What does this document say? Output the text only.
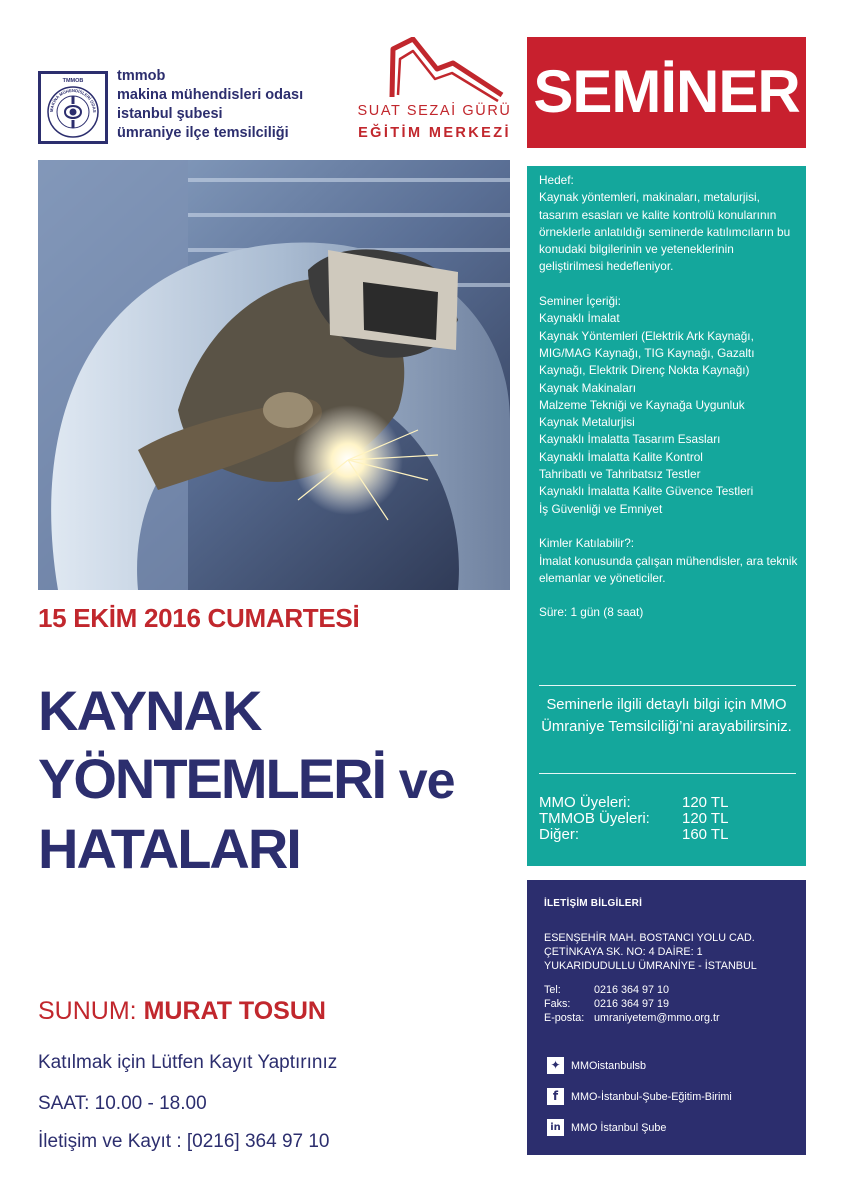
TMMOB
MAKİNA MÜHENDİSLERİ ODAS
tmmob
makina mühendisleri odası
istanbul şubesi
ümraniye ilçe temsilciliği
SUAT SEZAİ GÜRÜ
EĞİTİM MERKEZİ
SEMİNER

Hedef:

Kaynak yöntemleri, makinaları, metalurjisi, tasarım esasları ve kalite kontrolü konularının örneklerle anlatıldığı seminerde katılımcıların bu konudaki bilgilerinin ve yeteneklerinin geliştirilmesi hedefleniyor.

Seminer İçeriği:

Kaynaklı İmalat

Kaynak Yöntemleri (Elektrik Ark Kaynağı, MIG/MAG Kaynağı, TIG Kaynağı, Gazaltı Kaynağı, Elektrik Direnç Nokta Kaynağı)

Kaynak Makinaları

Malzeme Tekniği ve Kaynağa Uygunluk

Kaynak Metalurjisi

Kaynaklı İmalatta Tasarım Esasları

Kaynaklı İmalatta Kalite Kontrol

Tahribatlı ve Tahribatsız Testler

Kaynaklı İmalatta Kalite Güvence Testleri

İş Güvenliği ve Emniyet

Kimler Katılabilir?:

İmalat konusunda çalışan mühendisler, ara teknik elemanlar ve yöneticiler.

Süre: 1 gün (8 saat)

Seminerle ilgili detaylı bilgi için MMO Ümraniye Temsilciliği’ni arayabilirsiniz.
MMO Üyeleri:	120 TL
TMMOB Üyeleri: 120 TL
Diğer:	160 TL
15 EKİM 2016 CUMARTESİ
KAYNAK
YÖNTEMLERİ ve
HATALARI
SUNUM: MURAT TOSUN
Katılmak için Lütfen Kayıt Yaptırınız
SAAT: 10.00 - 18.00
İletişim ve Kayıt : [0216] 364 97 10
İLETİŞİM BİLGİLERİ
ESENŞEHİR MAH. BOSTANCI YOLU CAD.
ÇETİNKAYA SK. NO: 4 DAİRE: 1
YUKARIDUDULLU ÜMRANİYE - İSTANBUL
Tel:	0216 364 97 10
Faks: 0216 364 97 19
E-posta: umraniyetem@mmo.org.tr
✦ MMOistanbulsb
f	MMO-İstanbul-Şube-Eğitim-Birimi
in MMO İstanbul Şube
